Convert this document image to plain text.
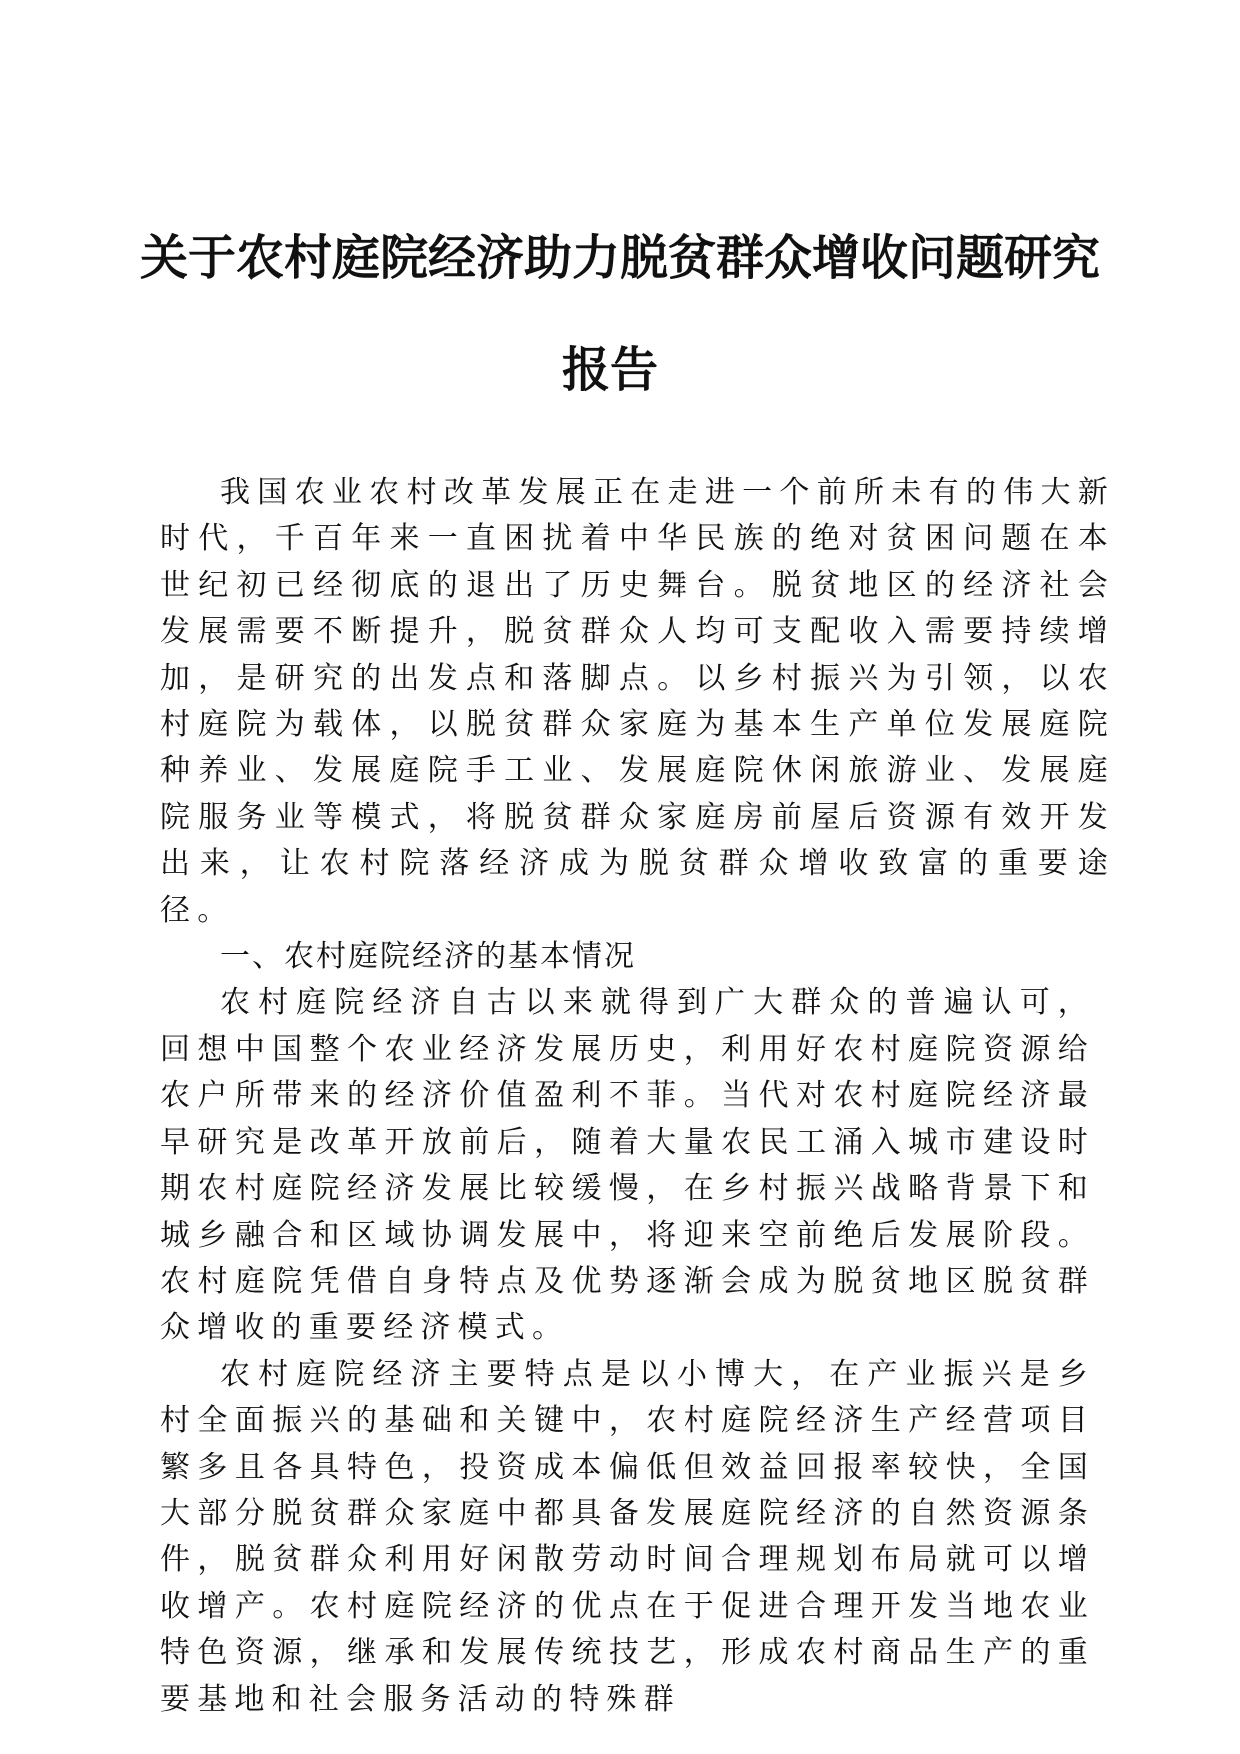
关于农村庭院经济助力脱贫群众增收问题研究
报告

我国农业农村改革发展正在走进一个前所未有的伟大新时代，千百年来一直困扰着中华民族的绝对贫困问题在本世纪初已经彻底的退出了历史舞台。脱贫地区的经济社会发展需要不断提升，脱贫群众人均可支配收入需要持续增加，是研究的出发点和落脚点。以乡村振兴为引领，以农村庭院为载体，以脱贫群众家庭为基本生产单位发展庭院种养业、发展庭院手工业、发展庭院休闲旅游业、发展庭院服务业等模式，将脱贫群众家庭房前屋后资源有效开发出来，让农村院落经济成为脱贫群众增收致富的重要途径。

一、农村庭院经济的基本情况

农村庭院经济自古以来就得到广大群众的普遍认可，回想中国整个农业经济发展历史，利用好农村庭院资源给农户所带来的经济价值盈利不菲。当代对农村庭院经济最早研究是改革开放前后，随着大量农民工涌入城市建设时期农村庭院经济发展比较缓慢，在乡村振兴战略背景下和城乡融合和区域协调发展中，将迎来空前绝后发展阶段。农村庭院凭借自身特点及优势逐渐会成为脱贫地区脱贫群众增收的重要经济模式。

农村庭院经济主要特点是以小博大，在产业振兴是乡村全面振兴的基础和关键中，农村庭院经济生产经营项目繁多且各具特色，投资成本偏低但效益回报率较快，全国大部分脱贫群众家庭中都具备发展庭院经济的自然资源条件，脱贫群众利用好闲散劳动时间合理规划布局就可以增收增产。农村庭院经济的优点在于促进合理开发当地农业特色资源，继承和发展传统技艺，形成农村商品生产的重要基地和社会服务活动的特殊群
